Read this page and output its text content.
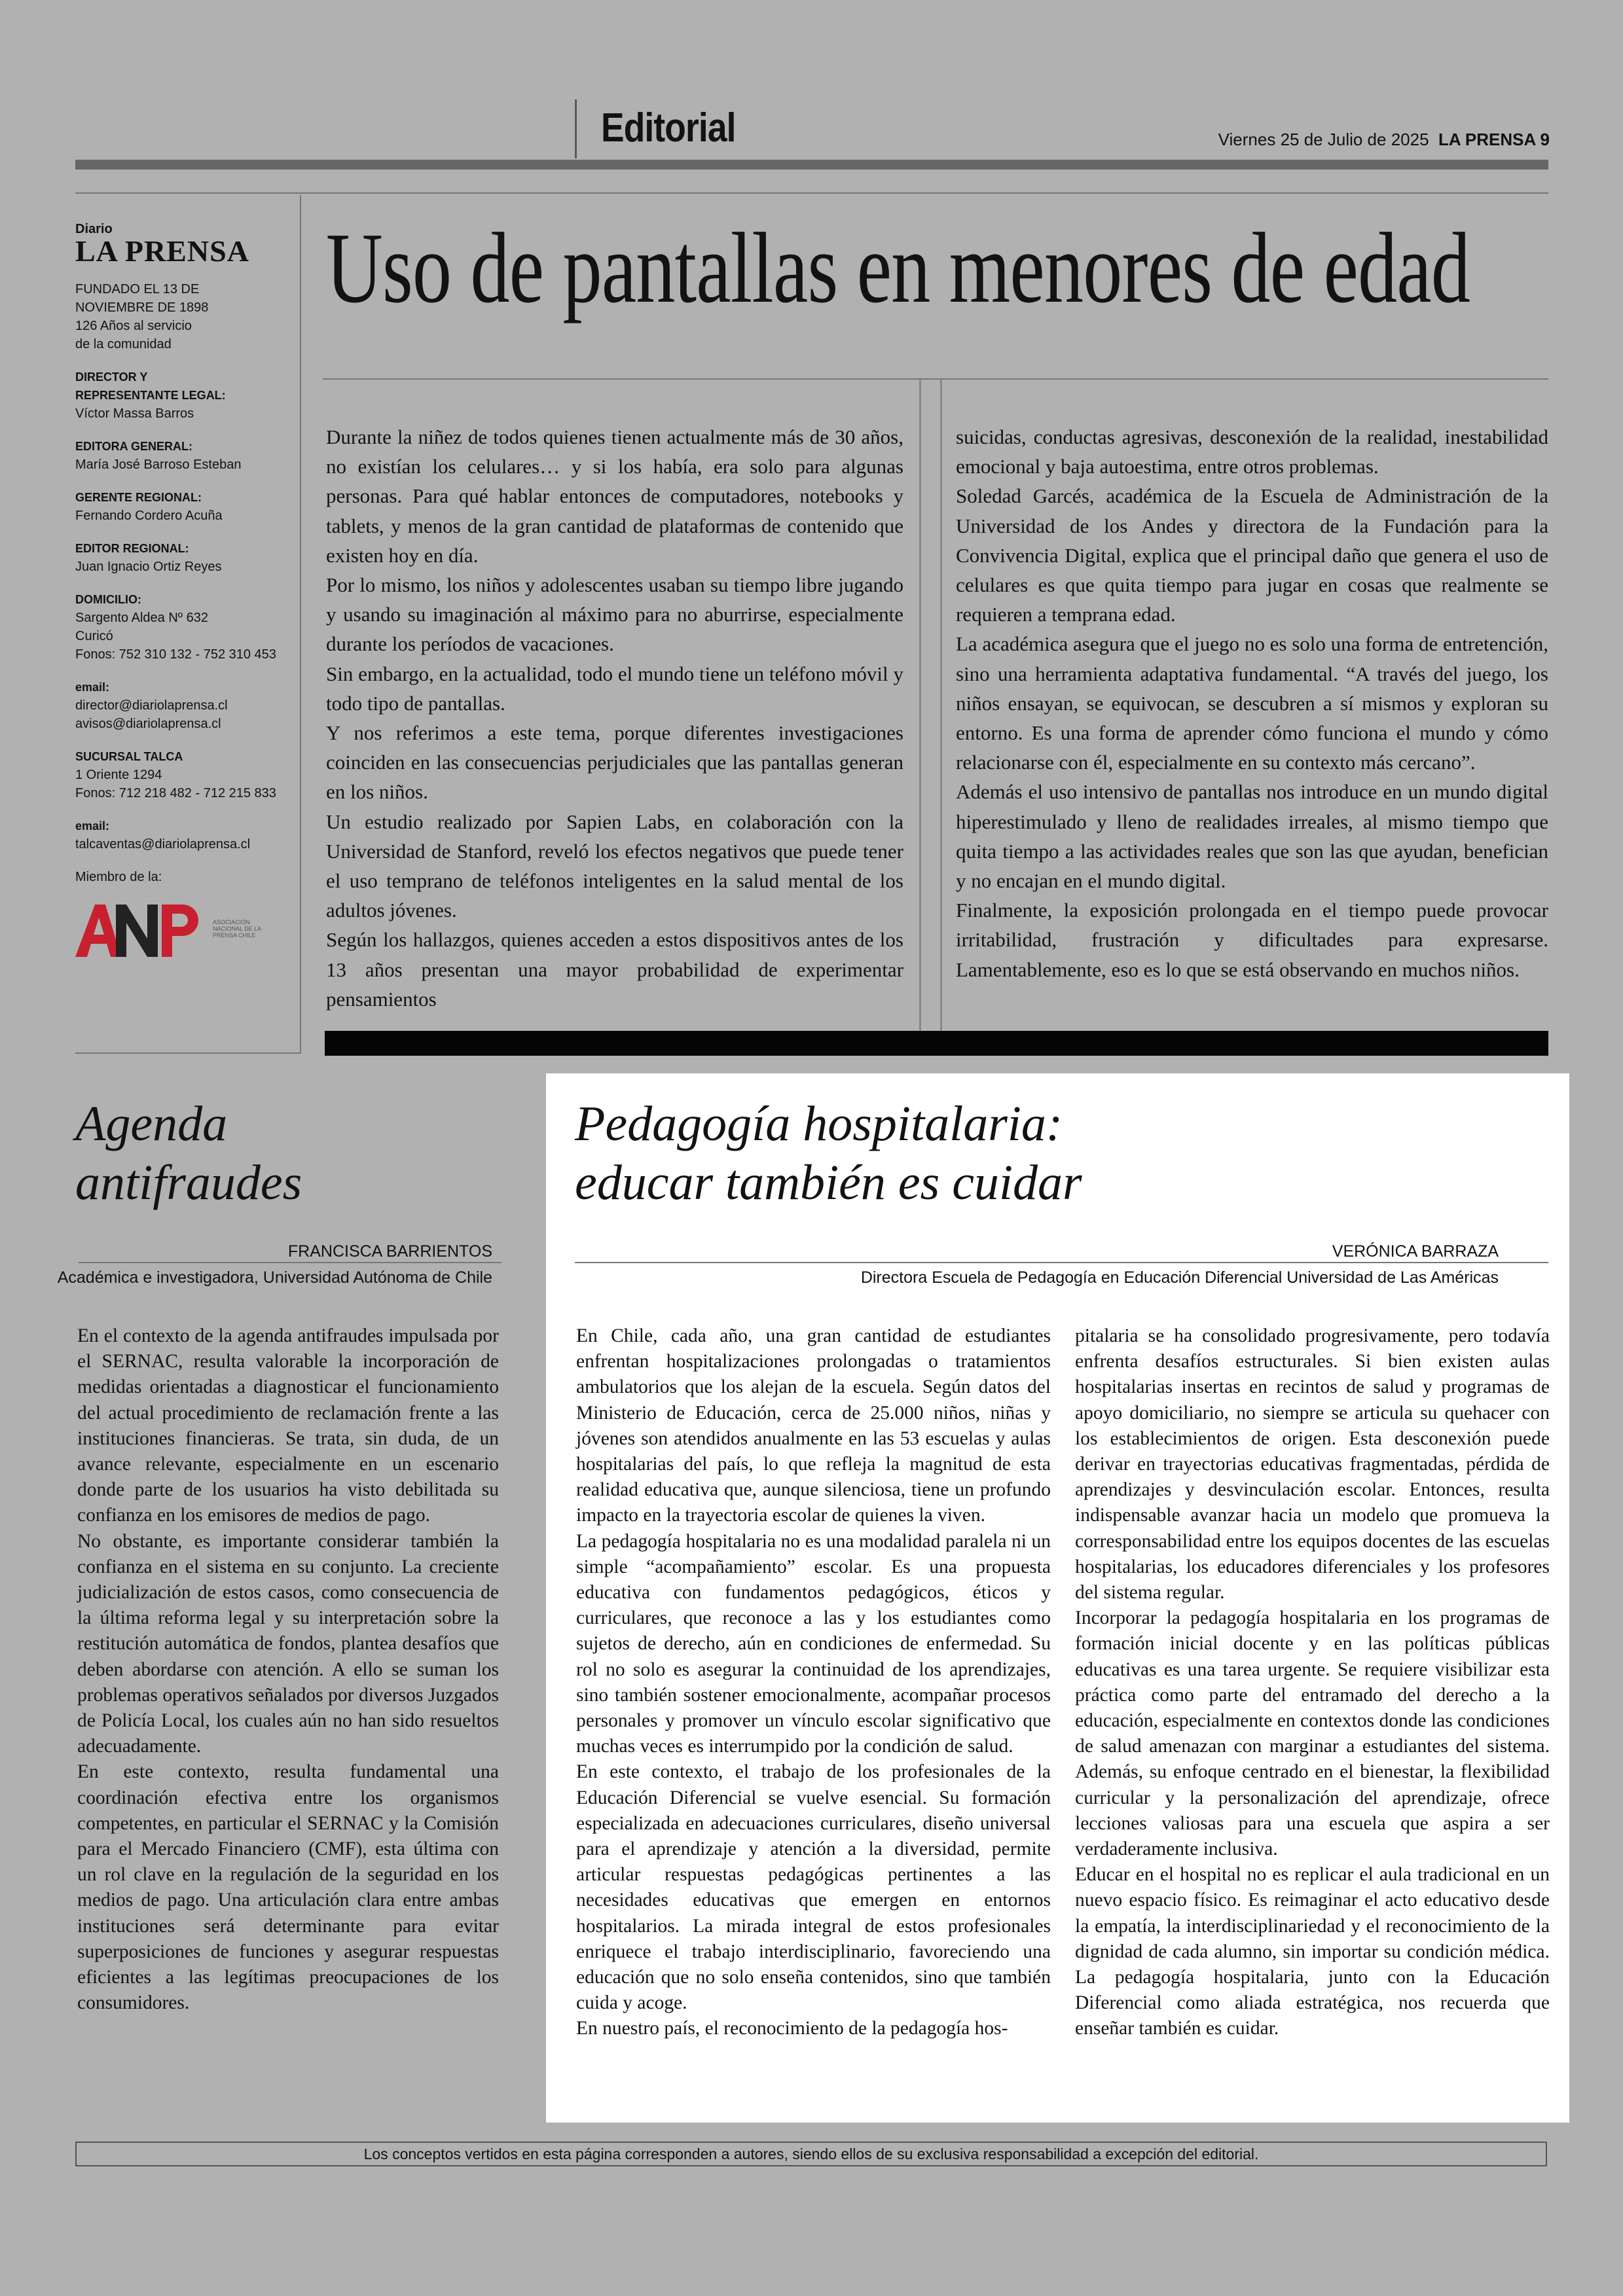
Editorial	Viernes 25 de Julio de 2025 LA PRENSA 9
Diario
LA PRENSA
FUNDADO EL 13 DE
NOVIEMBRE DE 1898
126 Años al servicio
de la comunidad
DIRECTOR Y
REPRESENTANTE LEGAL:
Víctor Massa Barros
EDITORA GENERAL:
María José Barroso Esteban
GERENTE REGIONAL:
Fernando Cordero Acuña
EDITOR REGIONAL:
Juan Ignacio Ortiz Reyes
DOMICILIO:
Sargento Aldea Nº 632
Curicó
Fonos: 752 310 132 - 752 310 453
email:
director@diariolaprensa.cl
avisos@diariolaprensa.cl
SUCURSAL TALCA
1 Oriente 1294
Fonos: 712 218 482 - 712 215 833
email:
talcaventas@diariolaprensa.cl
Miembro de la:
ASOCIACIÓN NACIONAL DE LA PRENSA CHILE
Uso de pantallas en menores de edad

Durante la niñez de todos quienes tienen actualmente más de 30 años, no existían los celulares… y si los había, era solo para algunas personas. Para qué hablar entonces de computadores, notebooks y tablets, y menos de la gran cantidad de plataformas de contenido que existen hoy en día.

Por lo mismo, los niños y adolescentes usaban su tiempo libre jugando y usando su imaginación al máximo para no aburrirse, especialmente durante los períodos de vacaciones.

Sin embargo, en la actualidad, todo el mundo tiene un teléfono móvil y todo tipo de pantallas.

Y nos referimos a este tema, porque diferentes investigaciones coinciden en las consecuencias perjudiciales que las pantallas generan en los niños.

Un estudio realizado por Sapien Labs, en colaboración con la Universidad de Stanford, reveló los efectos negativos que puede tener el uso temprano de teléfonos inteligentes en la salud mental de los adultos jóvenes.

Según los hallazgos, quienes acceden a estos dispositivos antes de los 13 años presentan una mayor probabilidad de experimentar pensamientos

suicidas, conductas agresivas, desconexión de la realidad, inestabilidad emocional y baja autoestima, entre otros problemas.

Soledad Garcés, académica de la Escuela de Administración de la Universidad de los Andes y directora de la Fundación para la Convivencia Digital, explica que el principal daño que genera el uso de celulares es que quita tiempo para jugar en cosas que realmente se requieren a temprana edad.

La académica asegura que el juego no es solo una forma de entretención, sino una herramienta adaptativa fundamental. “A través del juego, los niños ensayan, se equivocan, se descubren a sí mismos y exploran su entorno. Es una forma de aprender cómo funciona el mundo y cómo relacionarse con él, especialmente en su contexto más cercano”.

Además el uso intensivo de pantallas nos introduce en un mundo digital hiperestimulado y lleno de realidades irreales, al mismo tiempo que quita tiempo a las actividades reales que son las que ayudan, benefician y no encajan en el mundo digital.

Finalmente, la exposición prolongada en el tiempo puede provocar irritabilidad, frustración y dificultades para expresarse. Lamentablemente, eso es lo que se está observando en muchos niños.

Agenda
antifraudes
FRANCISCA BARRIENTOS
Académica e investigadora, Universidad Autónoma de Chile

En el contexto de la agenda antifraudes impulsada por el SERNAC, resulta valorable la incorporación de medidas orientadas a diagnosticar el funcionamiento del actual procedimiento de reclamación frente a las instituciones financieras. Se trata, sin duda, de un avance relevante, especialmente en un escenario donde parte de los usuarios ha visto debilitada su confianza en los emisores de medios de pago.

No obstante, es importante considerar también la confianza en el sistema en su conjunto. La creciente judicialización de estos casos, como consecuencia de la última reforma legal y su interpretación sobre la restitución automática de fondos, plantea desafíos que deben abordarse con atención. A ello se suman los problemas operativos señalados por diversos Juzgados de Policía Local, los cuales aún no han sido resueltos adecuadamente.

En este contexto, resulta fundamental una coordinación efectiva entre los organismos competentes, en particular el SERNAC y la Comisión para el Mercado Financiero (CMF), esta última con un rol clave en la regulación de la seguridad en los medios de pago. Una articulación clara entre ambas instituciones será determinante para evitar superposiciones de funciones y asegurar respuestas eficientes a las legítimas preocupaciones de los consumidores.

Pedagogía hospitalaria:
educar también es cuidar
VERÓNICA BARRAZA
Directora Escuela de Pedagogía en Educación Diferencial Universidad de Las Américas

En Chile, cada año, una gran cantidad de estudiantes enfrentan hospitalizaciones prolongadas o tratamientos ambulatorios que los alejan de la escuela. Según datos del Ministerio de Educación, cerca de 25.000 niños, niñas y jóvenes son atendidos anualmente en las 53 escuelas y aulas hospitalarias del país, lo que refleja la magnitud de esta realidad educativa que, aunque silenciosa, tiene un profundo impacto en la trayectoria escolar de quienes la viven.

La pedagogía hospitalaria no es una modalidad paralela ni un simple “acompañamiento” escolar. Es una propuesta educativa con fundamentos pedagógicos, éticos y curriculares, que reconoce a las y los estudiantes como sujetos de derecho, aún en condiciones de enfermedad. Su rol no solo es asegurar la continuidad de los aprendizajes, sino también sostener emocionalmente, acompañar procesos personales y promover un vínculo escolar significativo que muchas veces es interrumpido por la condición de salud.

En este contexto, el trabajo de los profesionales de la Educación Diferencial se vuelve esencial. Su formación especializada en adecuaciones curriculares, diseño universal para el aprendizaje y atención a la diversidad, permite articular respuestas pedagógicas pertinentes a las necesidades educativas que emergen en entornos hospitalarios. La mirada integral de estos profesionales enriquece el trabajo interdisciplinario, favoreciendo una educación que no solo enseña contenidos, sino que también cuida y acoge.

En nuestro país, el reconocimiento de la pedagogía hos-

pitalaria se ha consolidado progresivamente, pero todavía enfrenta desafíos estructurales. Si bien existen aulas hospitalarias insertas en recintos de salud y programas de apoyo domiciliario, no siempre se articula su quehacer con los establecimientos de origen. Esta desconexión puede derivar en trayectorias educativas fragmentadas, pérdida de aprendizajes y desvinculación escolar. Entonces, resulta indispensable avanzar hacia un modelo que promueva la corresponsabilidad entre los equipos docentes de las escuelas hospitalarias, los educadores diferenciales y los profesores del sistema regular.

Incorporar la pedagogía hospitalaria en los programas de formación inicial docente y en las políticas públicas educativas es una tarea urgente. Se requiere visibilizar esta práctica como parte del entramado del derecho a la educación, especialmente en contextos donde las condiciones de salud amenazan con marginar a estudiantes del sistema. Además, su enfoque centrado en el bienestar, la flexibilidad curricular y la personalización del aprendizaje, ofrece lecciones valiosas para una escuela que aspira a ser verdaderamente inclusiva.

Educar en el hospital no es replicar el aula tradicional en un nuevo espacio físico. Es reimaginar el acto educativo desde la empatía, la interdisciplinariedad y el reconocimiento de la dignidad de cada alumno, sin importar su condición médica. La pedagogía hospitalaria, junto con la Educación Diferencial como aliada estratégica, nos recuerda que enseñar también es cuidar.

Los conceptos vertidos en esta página corresponden a autores, siendo ellos de su exclusiva responsabilidad a excepción del editorial.
